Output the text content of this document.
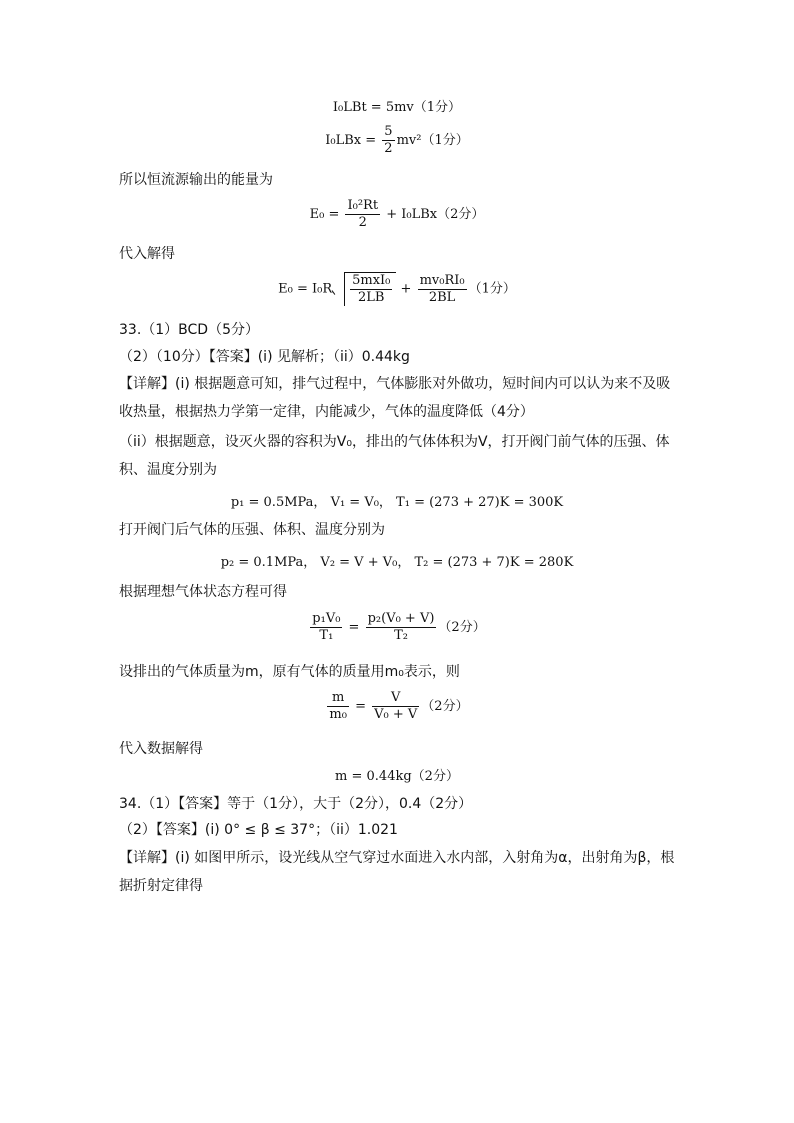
I₀LBt = 5mv（1分）
$I_0LBx = \frac{5}{2} mv^2(1$分）
所以恒流源输出的能量为
$E_0 = \frac{\text{I₀²Rt}}{2} + I_0LBx(2$分）
代入解得
$E_0 = I_0R \frac{\text{5mxI₀}}{2LB} + \frac{\text{mv₀RI₀}}{2BL} (1$分）
33.（1）BCD（5分）
（2）（10分）【答案】(i) 见解析；（ii）0.44kg
【详解】(i) 根据题意可知，排气过程中，气体膨胀对外做功，短时间内可以认为来不及吸收热量，根据热力学第一定律，内能减少，气体的温度降低（4分）
（ii）根据题意，设灭火器的容积为V₀，排出的气体体积为V，打开阀门前气体的压强、体积、温度分别为
p₁ = 0.5MPa， V₁ = V₀， T₁ = (273 + 27)K = 300K
打开阀门后气体的压强、体积、温度分别为
p₂ = 0.1MPa， V₂ = V + V₀， T₂ = (273 + 7)K = 280K
根据理想气体状态方程可得
$\frac{\text{p₁V₀}}{\text{T₁}} = \frac{\text{p₂(V₀ + V)}}{\text{T₂}} (2$分）
设排出的气体质量为m，原有气体的质量用m₀表示，则
$\frac{m}{\text{m₀}} = \frac{V}{\text{V₀ + V}} (2$分）
代入数据解得
m = 0.44kg（2分）
34.（1）【答案】等于（1分），大于（2分），0.4（2分）
（2）【答案】(i) 0° ≤ β ≤ 37°；（ii）1.021
【详解】(i) 如图甲所示，设光线从空气穿过水面进入水内部，入射角为α，出射角为β，根据折射定律得
